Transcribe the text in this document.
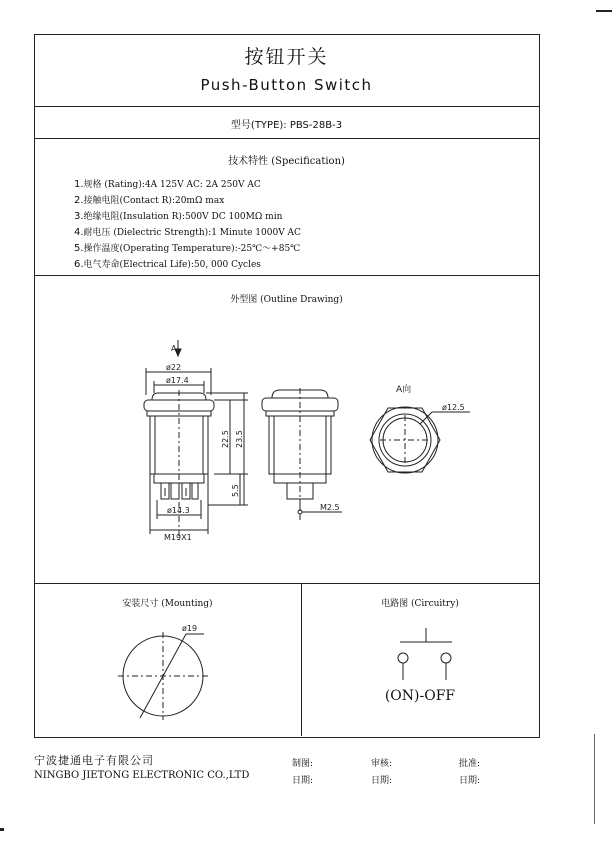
按钮开关
Push-Button Switch
型号(TYPE): PBS-28B-3
技术特性 (Specification)
1.规格 (Rating):4A 125V AC: 2A 250V AC
2.接触电阻(Contact R):20mΩ max
3.绝缘电阻(Insulation R):500V DC 100MΩ min
4.耐电压 (Dielectric Strength):1 Minute 1000V AC
5.操作温度(Operating Temperature):-25℃～+85℃
6.电气寿命(Electrical Life):50, 000 Cycles
外型图 (Outline Drawing)
A
ø22
ø17.4
22.5 23.5
5.5
ø14.3
M19X1
M2.5
A向
ø12.5
安装尺寸 (Mounting)
ø19
电路图 (Circuitry)
(ON)-OFF
宁波捷通电子有限公司
NINGBO JIETONG ELECTRONIC CO.,LTD
制图:	审核:	批准:
日期:	日期:	日期:
